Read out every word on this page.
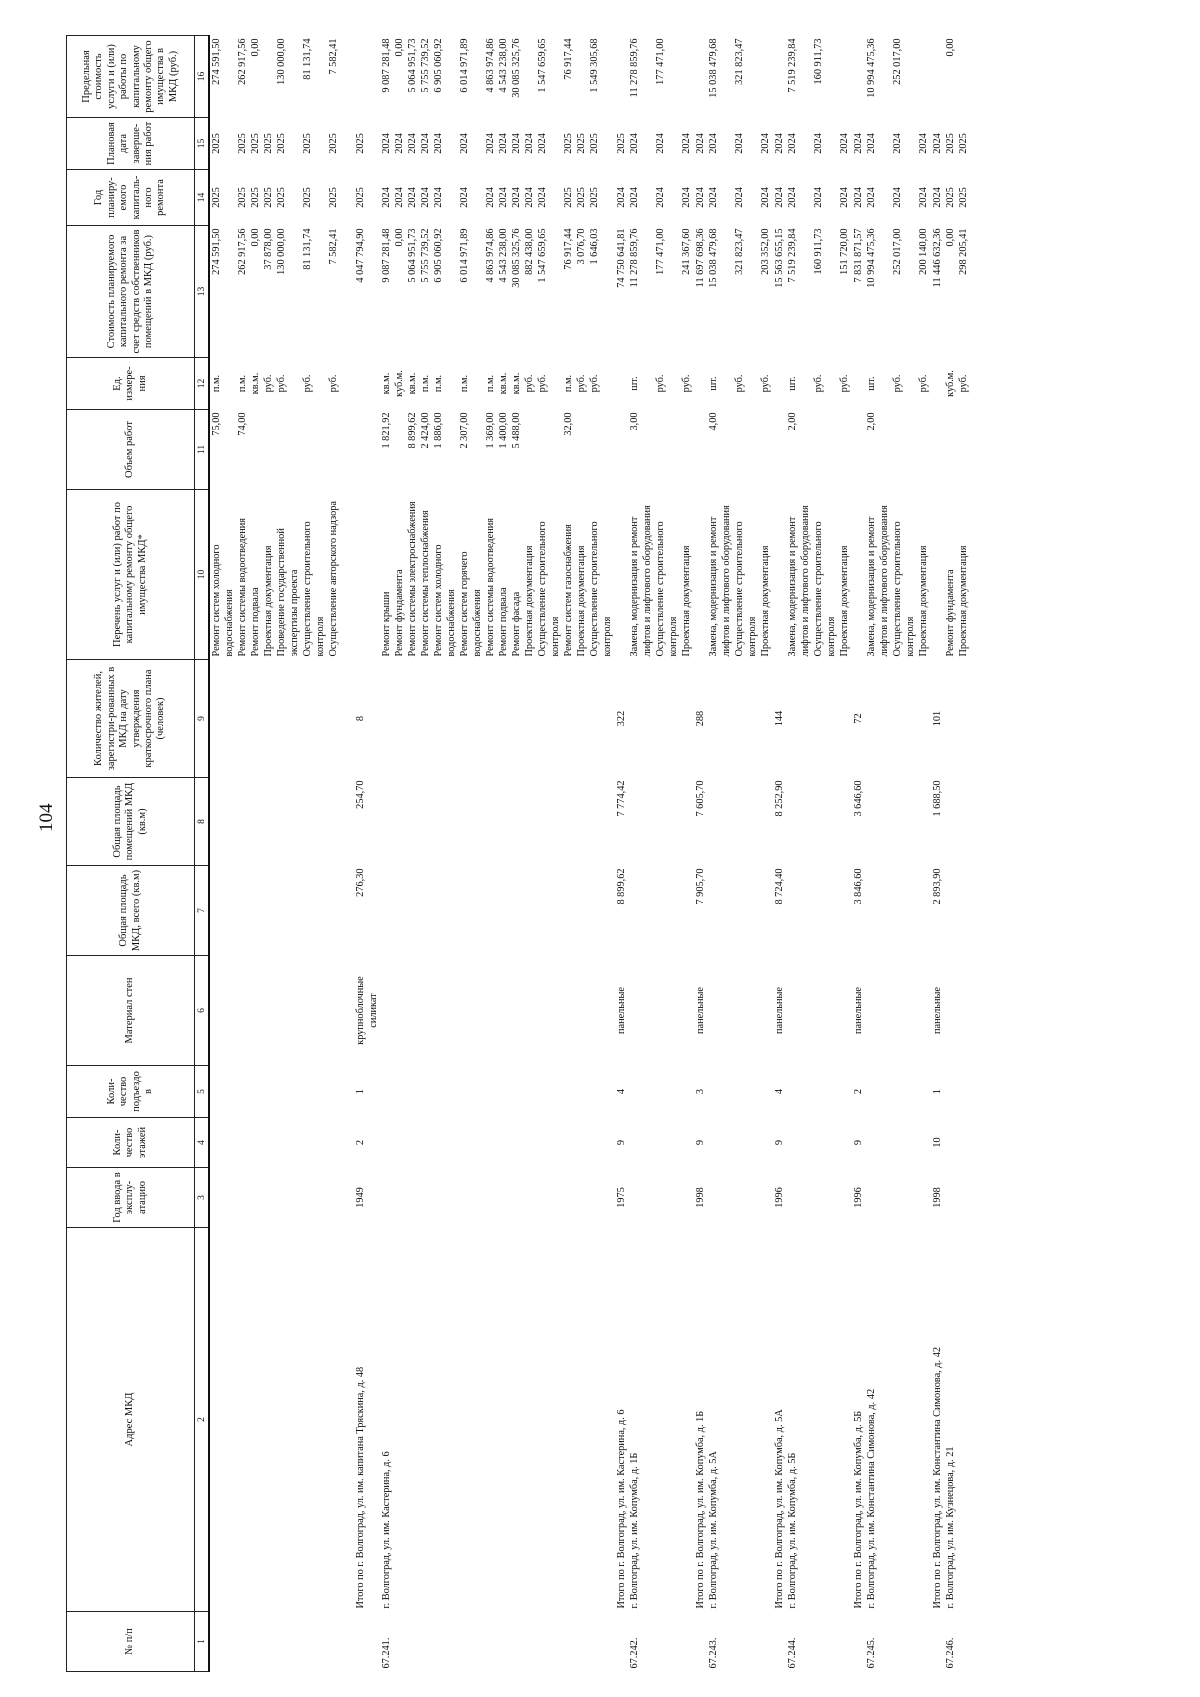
104
№ п/п	Адрес МКД	Год ввода в эксплу-атацию	Коли-чество этажей	Коли-чество подъездо в	Материал стен	Общая площадь МКД, всего (кв.м)	Общая площадь помещений МКД (кв.м)	Количество жителей, зарегистри-рованных в МКД на дату утверждения краткосрочного плана (человек)	Перечень услуг и (или) работ по капитальному ремонту общего имущества МКД*	Объем работ	Ед. измере-ния	Стоимость планируемого капитального ремонта за счет средств собственников помещений в МКД (руб.)	Год планиру-емого капиталь-ного ремонта	Плановая дата заверше-ния работ	Предельная стоимость услуги и (или) работы по капитальному ремонту общего имущества в МКД (руб.)
1	2	3	4	5	6	7	8	9	10	11	12	13	14	15	16
									Ремонт систем холодного	75,00	п.м.	274 591,50	2025	2025	274 591,50
									водоснабжения						
									Ремонт системы водоотведения	74,00	п.м.	262 917,56	2025	2025	262 917,56
									Ремонт подвала		кв.м.	0,00	2025	2025	0,00
									Проектная документация		руб.	37 878,00	2025	2025	
									Проведение государственной		руб.	130 000,00	2025	2025	130 000,00
									экспертизы проекта						
									Осуществление строительного		руб.	81 131,74	2025	2025	81 131,74
									контроля						
									Осуществление авторского надзора		руб.	7 582,41	2025	2025	7 582,41

	Итого по г. Волгоград, ул. им. капитана Тряскина, д. 48	1949	2	1	крупноблочные силикат	276,30	254,70	8				4 047 794,90	2025	2025	
67.241.	г. Волгоград, ул. им. Кастерина, д. 6								Ремонт крыши	1 821,92	кв.м.	9 087 281,48	2024	2024	9 087 281,48
									Ремонт фундамента		куб.м.	0,00	2024	2024	0,00
									Ремонт системы электроснабжения	8 899,62	кв.м.	5 064 951,73	2024	2024	5 064 951,73
									Ремонт системы теплоснабжения	2 424,00	п.м.	5 755 739,52	2024	2024	5 755 739,52
									Ремонт систем холодного	1 886,00	п.м.	6 905 060,92	2024	2024	6 905 060,92
									водоснабжения						
									Ремонт систем горячего	2 307,00	п.м.	6 014 971,89	2024	2024	6 014 971,89
									водоснабжения						
									Ремонт системы водоотведения	1 369,00	п.м.	4 863 974,86	2024	2024	4 863 974,86
									Ремонт подвала	1 400,00	кв.м.	4 543 238,00	2024	2024	4 543 238,00
									Ремонт фасада	5 488,00	кв.м.	30 085 325,76	2024	2024	30 085 325,76
									Проектная документация		руб.	882 438,00	2024	2024	
									Осуществление строительного		руб.	1 547 659,65	2024	2024	1 547 659,65
									контроля						
									Ремонт систем газоснабжения	32,00	п.м.	76 917,44	2025	2025	76 917,44
									Проектная документация		руб.	3 076,70	2025	2025	
									Осуществление строительного		руб.	1 646,03	2025	2025	1 549 305,68
									контроля						
	Итого по г. Волгоград, ул. им. Кастерина, д. 6	1975	9	4	панельные	8 899,62	7 774,42	322				74 750 641,81	2024	2025	
67.242.	г. Волгоград, ул. им. Копумба, д. 1Б								Замена, модернизация и ремонт	3,00	шт.	11 278 859,76	2024	2024	11 278 859,76
									лифтов и лифтового оборудования						
									Осуществление строительного		руб.	177 471,00	2024	2024	177 471,00
									контроля						
									Проектная документация		руб.	241 367,60	2024	2024	
	Итого по г. Волгоград, ул. им. Копумба, д. 1Б	1998	9	3	панельные	7 905,70	7 605,70	288				11 697 698,36	2024	2024	
67.243.	г. Волгоград, ул. им. Копумба, д. 5А								Замена, модернизация и ремонт	4,00	шт.	15 038 479,68	2024	2024	15 038 479,68
									лифтов и лифтового оборудования						
									Осуществление строительного		руб.	321 823,47	2024	2024	321 823,47
									контроля						
									Проектная документация		руб.	203 352,00	2024	2024	
	Итого по г. Волгоград, ул. им. Копумба, д. 5А	1996	9	4	панельные	8 724,40	8 252,90	144				15 563 655,15	2024	2024	
67.244.	г. Волгоград, ул. им. Копумба, д. 5Б								Замена, модернизация и ремонт	2,00	шт.	7 519 239,84	2024	2024	7 519 239,84
									лифтов и лифтового оборудования						
									Осуществление строительного		руб.	160 911,73	2024	2024	160 911,73
									контроля						
									Проектная документация		руб.	151 720,00	2024	2024	
	Итого по г. Волгоград, ул. им. Копумба, д. 5Б	1996	9	2	панельные	3 846,60	3 646,60	72				7 831 871,57	2024	2024	
67.245.	г. Волгоград, ул. им. Константина Симонова, д. 42								Замена, модернизация и ремонт	2,00	шт.	10 994 475,36	2024	2024	10 994 475,36
									лифтов и лифтового оборудования						
									Осуществление строительного		руб.	252 017,00	2024	2024	252 017,00
									контроля						
									Проектная документация		руб.	200 140,00	2024	2024	
	Итого по г. Волгоград, ул. им. Константина Симонова, д. 42	1998	10	1	панельные	2 893,90	1 688,50	101				11 446 632,36	2024	2024	
67.246.	г. Волгоград, ул. им. Кузнецова, д. 21								Ремонт фундамента		куб.м.	0,00	2025	2025	0,00
									Проектная документация		руб.	298 205,41	2025	2025	
